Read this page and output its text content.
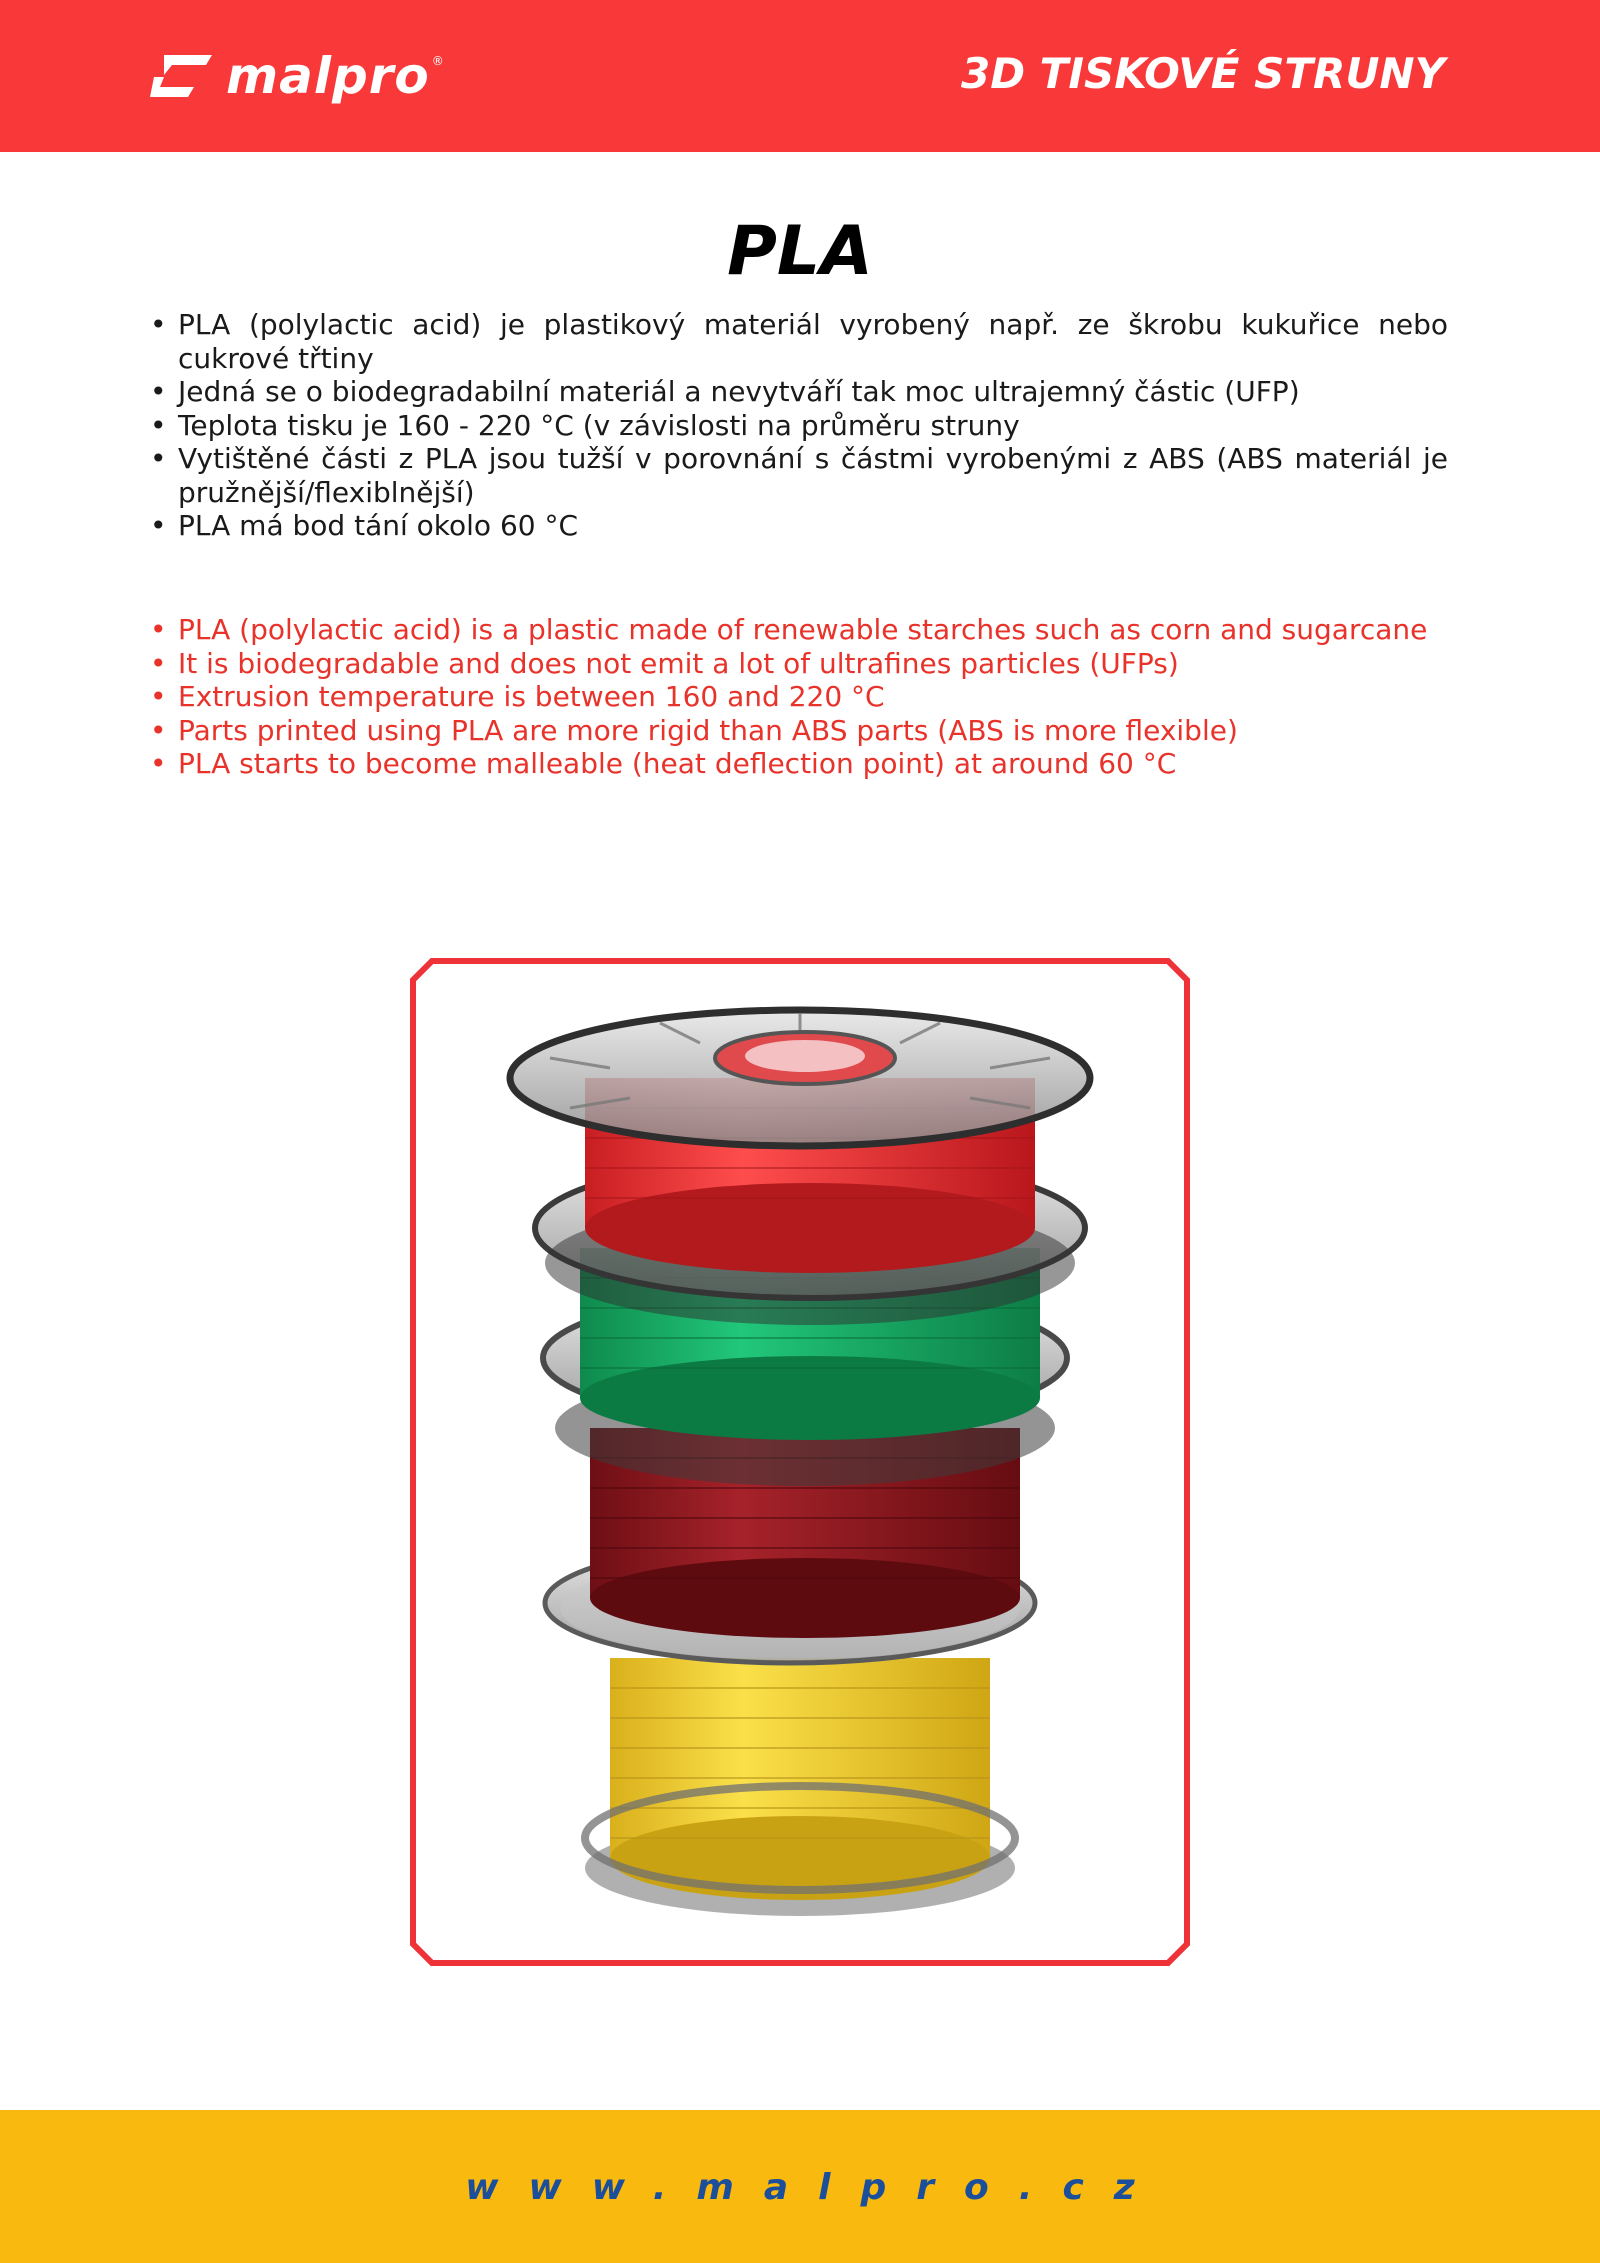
malpro ®	3D TISKOVÉ STRUNY
PLA
• PLA (polylactic acid) je plastikový materiál vyrobený např. ze škrobu kukuřice nebo cukrové třtiny
• Jedná se o biodegradabilní materiál a nevytváří tak moc ultrajemný částic (UFP)
• Teplota tisku je 160 - 220 °C (v závislosti na průměru struny
• Vytištěné části z PLA jsou tužší v porovnání s částmi vyrobenými z ABS (ABS materiál je pružnější/flexiblnější)
• PLA má bod tání okolo 60 °C
• PLA (polylactic acid) is a plastic made of renewable starches such as corn and sugarcane
• It is biodegradable and does not emit a lot of ultrafines particles (UFPs)
• Extrusion temperature is between 160 and 220 °C
• Parts printed using PLA are more rigid than ABS parts (ABS is more flexible)
• PLA starts to become malleable (heat deflection point) at around 60 °C
www.malpro.cz
